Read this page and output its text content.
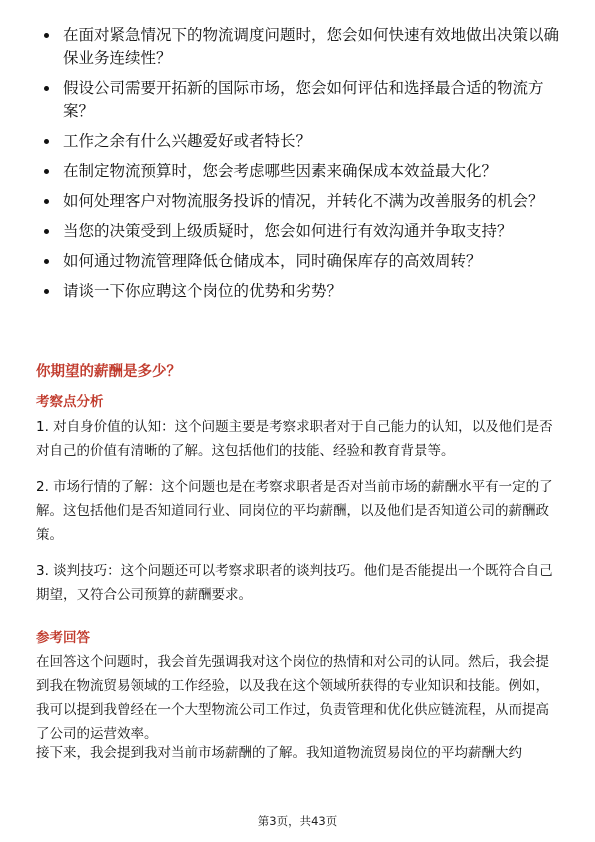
在面对紧急情况下的物流调度问题时，您会如何快速有效地做出决策以确保业务连续性？
假设公司需要开拓新的国际市场，您会如何评估和选择最合适的物流方案？
工作之余有什么兴趣爱好或者特长？
在制定物流预算时，您会考虑哪些因素来确保成本效益最大化？
如何处理客户对物流服务投诉的情况，并转化不满为改善服务的机会？
当您的决策受到上级质疑时，您会如何进行有效沟通并争取支持？
如何通过物流管理降低仓储成本，同时确保库存的高效周转？
请谈一下你应聘这个岗位的优势和劣势？
你期望的薪酬是多少？
考察点分析

1. 对自身价值的认知：这个问题主要是考察求职者对于自己能力的认知，以及他们是否对自己的价值有清晰的了解。这包括他们的技能、经验和教育背景等。

2. 市场行情的了解：这个问题也是在考察求职者是否对当前市场的薪酬水平有一定的了解。这包括他们是否知道同行业、同岗位的平均薪酬，以及他们是否知道公司的薪酬政策。

3. 谈判技巧：这个问题还可以考察求职者的谈判技巧。他们是否能提出一个既符合自己期望，又符合公司预算的薪酬要求。

参考回答

在回答这个问题时，我会首先强调我对这个岗位的热情和对公司的认同。然后，我会提到我在物流贸易领域的工作经验，以及我在这个领域所获得的专业知识和技能。例如，我可以提到我曾经在一个大型物流公司工作过，负责管理和优化供应链流程，从而提高了公司的运营效率。

接下来，我会提到我对当前市场薪酬的了解。我知道物流贸易岗位的平均薪酬大约

第3页，共43页
